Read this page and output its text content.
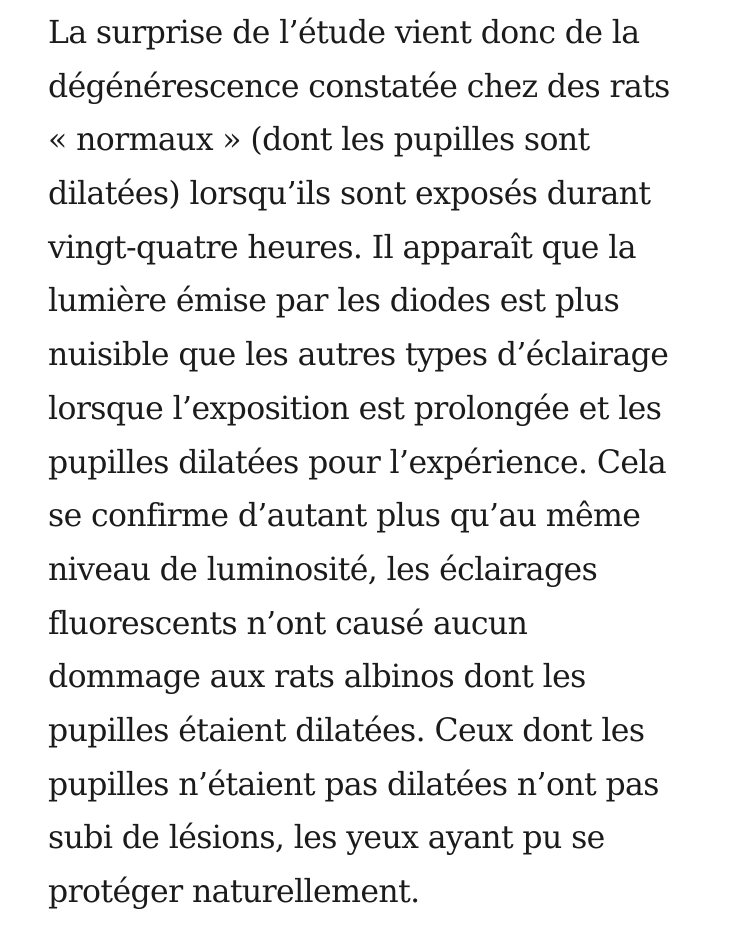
La surprise de l’étude vient donc de la
dégénérescence constatée chez des rats
« normaux » (dont les pupilles sont
dilatées) lorsqu’ils sont exposés durant
vingt-quatre heures. Il apparaît que la
lumière émise par les diodes est plus
nuisible que les autres types d’éclairage
lorsque l’exposition est prolongée et les
pupilles dilatées pour l’expérience. Cela
se confirme d’autant plus qu’au même
niveau de luminosité, les éclairages
fluorescents n’ont causé aucun
dommage aux rats albinos dont les
pupilles étaient dilatées. Ceux dont les
pupilles n’étaient pas dilatées n’ont pas
subi de lésions, les yeux ayant pu se
protéger naturellement.
